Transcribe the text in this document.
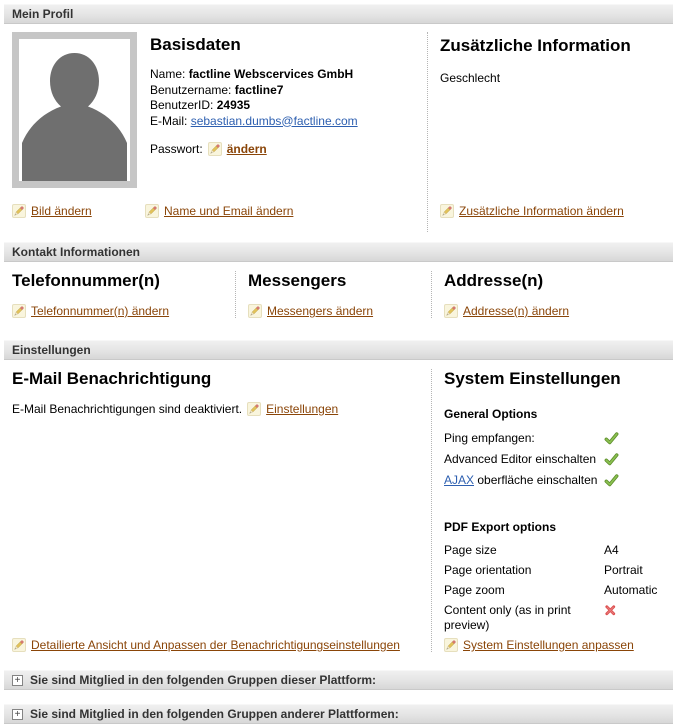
Mein Profil
Basisdaten
Name: factline Webscervices GmbH
Benutzername: factline7
BenutzerID: 24935
E-Mail: sebastian.dumbs@factline.com
Passwort: ändern
Bild ändern	Name und Email ändern
Zusätzliche Information
Geschlecht
Zusätzliche Information ändern
Kontakt Informationen
Telefonnummer(n)
Telefonnummer(n) ändern
Messengers
Messengers ändern
Addresse(n)
Addresse(n) ändern
Einstellungen
E-Mail Benachrichtigung
E-Mail Benachrichtigungen sind deaktiviert. Einstellungen
Detailierte Ansicht und Anpassen der Benachrichtigungseinstellungen
System Einstellungen
General Options
Ping empfangen:
Advanced Editor einschalten
AJAX oberfläche einschalten
PDF Export options
Page size	A4
Page orientation	Portrait
Page zoom	Automatic
Content only (as in print preview)
System Einstellungen anpassen
+ Sie sind Mitglied in den folgenden Gruppen dieser Plattform:
+ Sie sind Mitglied in den folgenden Gruppen anderer Plattformen:
